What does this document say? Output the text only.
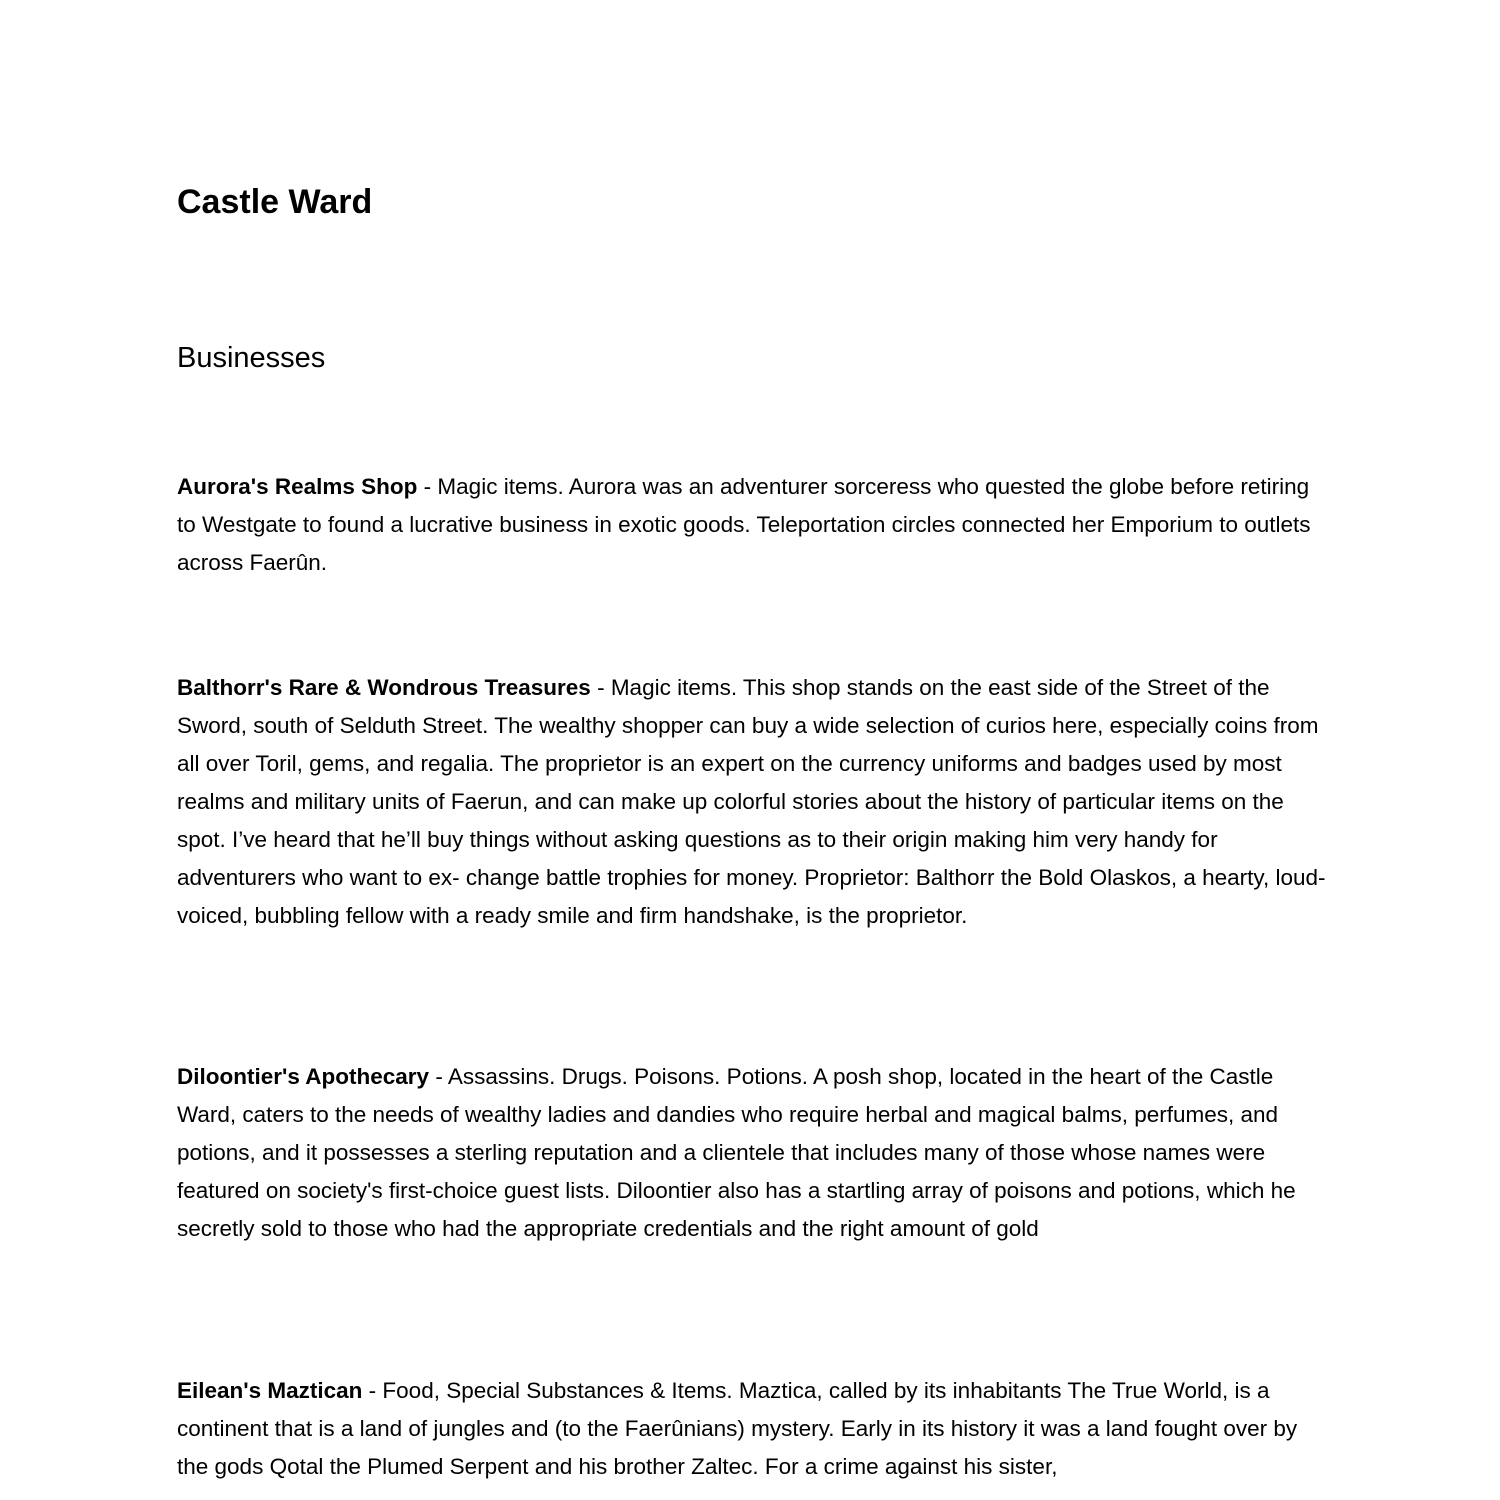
Castle Ward
Businesses

Aurora's Realms Shop - Magic items. Aurora was an adventurer sorceress who quested the globe before retiring to Westgate to found a lucrative business in exotic goods. Teleportation circles connected her Emporium to outlets across Faerûn.

Balthorr's Rare & Wondrous Treasures - Magic items. This shop stands on the east side of the Street of the Sword, south of Selduth Street. The wealthy shopper can buy a wide selection of curios here, especially coins from all over Toril, gems, and regalia. The proprietor is an expert on the currency uniforms and badges used by most realms and military units of Faerun, and can make up colorful stories about the history of particular items on the spot. I’ve heard that he’ll buy things without asking questions as to their origin making him very handy for adventurers who want to ex- change battle trophies for money. Proprietor: Balthorr the Bold Olaskos, a hearty, loud-voiced, bubbling fellow with a ready smile and firm handshake, is the proprietor.

Diloontier's Apothecary - Assassins. Drugs. Poisons. Potions. A posh shop, located in the heart of the Castle Ward, caters to the needs of wealthy ladies and dandies who require herbal and magical balms, perfumes, and potions, and it possesses a sterling reputation and a clientele that includes many of those whose names were featured on society's first-choice guest lists. Diloontier also has a startling array of poisons and potions, which he secretly sold to those who had the appropriate credentials and the right amount of gold

Eilean's Maztican - Food, Special Substances & Items. Maztica, called by its inhabitants The True World, is a continent that is a land of jungles and (to the Faerûnians) mystery. Early in its history it was a land fought over by the gods Qotal the Plumed Serpent and his brother Zaltec. For a crime against his sister,
